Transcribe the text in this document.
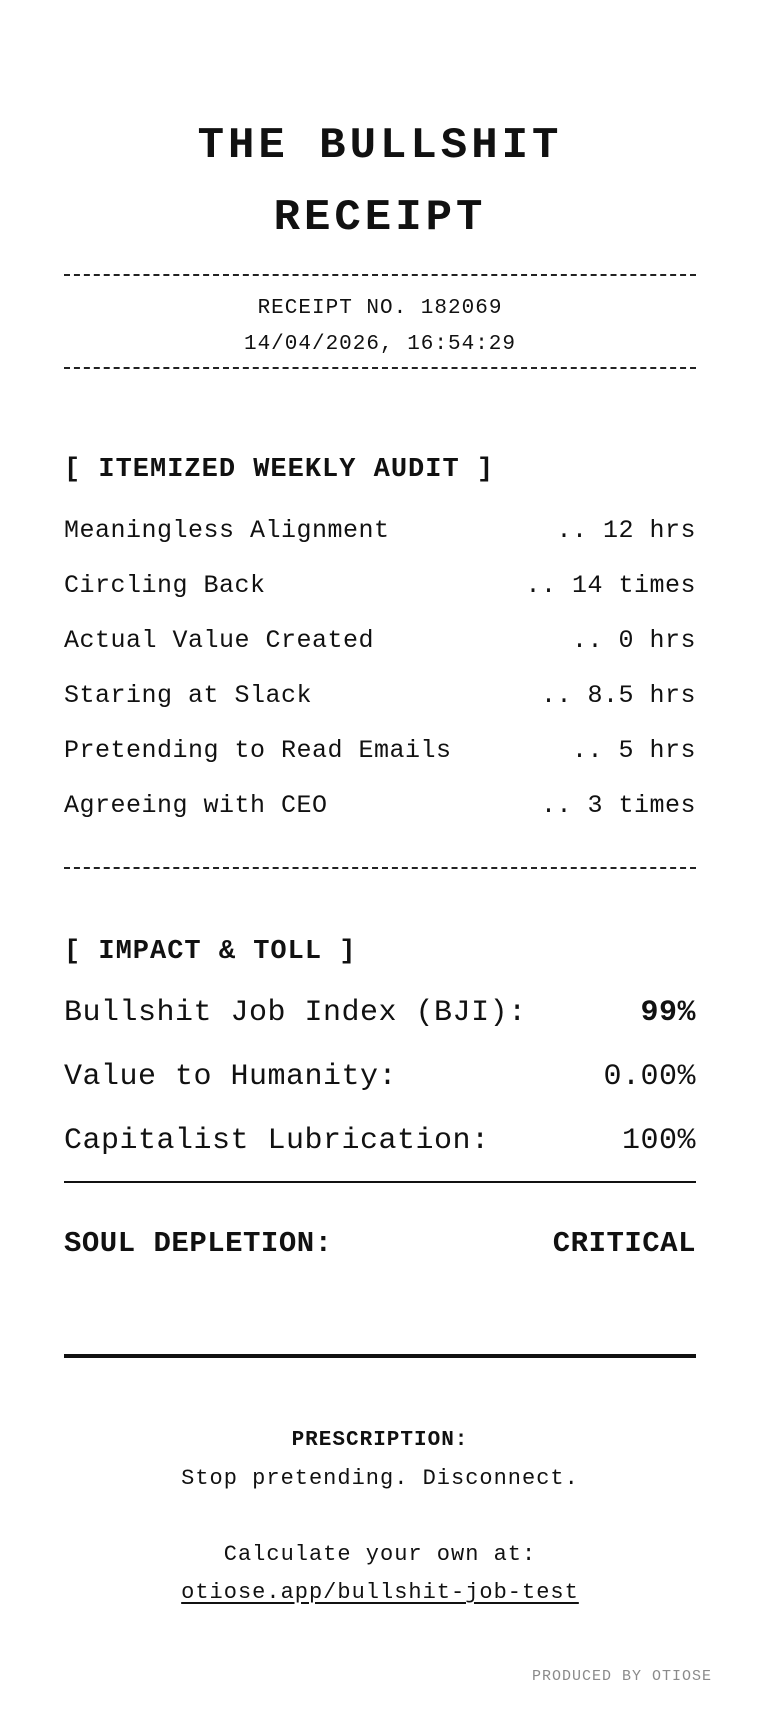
THE BULLSHIT
RECEIPT
RECEIPT NO. 182069
14/04/2026, 16:54:29
[ ITEMIZED WEEKLY AUDIT ]
Meaningless Alignment	.. 12 hrs
Circling Back	.. 14 times
Actual Value Created	.. 0 hrs
Staring at Slack	.. 8.5 hrs
Pretending to Read Emails	.. 5 hrs
Agreeing with CEO	.. 3 times
[ IMPACT & TOLL ]
Bullshit Job Index (BJI):	99%
Value to Humanity:	0.00%
Capitalist Lubrication:	100%
SOUL DEPLETION:	CRITICAL
PRESCRIPTION:
Stop pretending. Disconnect.
Calculate your own at:
otiose.app/bullshit-job-test
PRODUCED BY OTIOSE
